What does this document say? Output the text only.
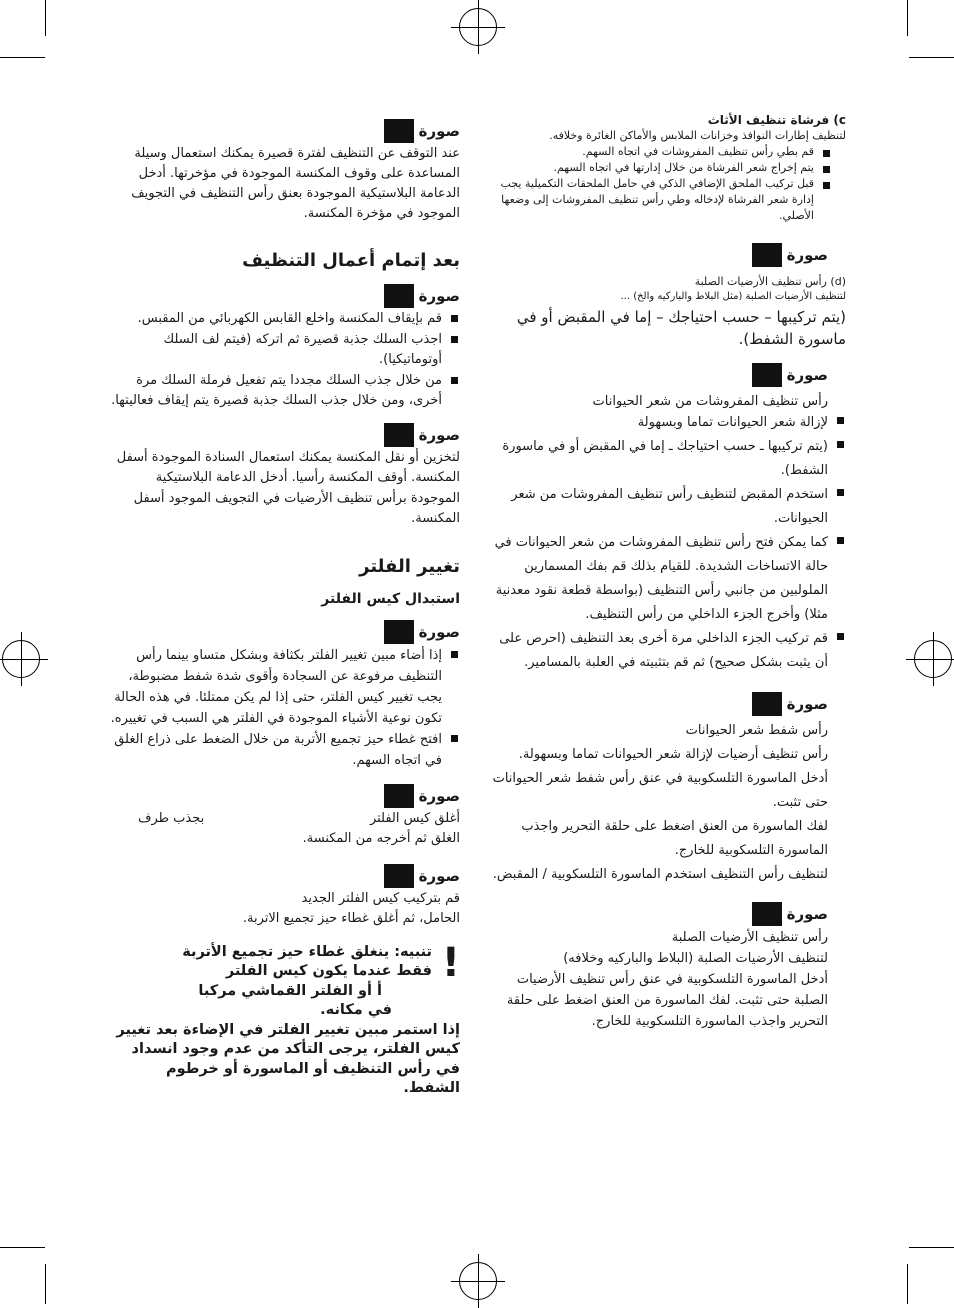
c) فرشاة تنظيف الأثاث

لتنظيف إطارات النوافذ وخزانات الملابس والأماكن الغائرة وخلافه.

قم بطي رأس تنظيف المفروشات في اتجاه السهم.
يتم إخراج شعر الفرشاة من خلال إدارتها في اتجاه السهم.
قبل تركيب الملحق الإضافي الذكي في حامل الملحقات التكميلية يجب إدارة شعر الفرشاة لإدخاله وطي رأس تنظيف المفروشات إلى وضعها الأصلي.
صورة

(d) رأس تنظيف الأرضيات الصلبة

لتنظيف الأرضيات الصلبة (مثل البلاط والباركيه والخ) ...

(يتم تركيبها – حسب احتياجك – إما في المقبض أو في ماسورة الشفط).

صورة

رأس تنظيف المفروشات من شعر الحيوانات

لإزالة شعر الحيوانات تماما وبسهولة
(يتم تركيبها ـ حسب احتياجك ـ إما في المقبض أو في ماسورة الشفط).
استخدم المقبض لتنظيف رأس تنظيف المفروشات من شعر الحيوانات.
كما يمكن فتح رأس تنظيف المفروشات من شعر الحيوانات في حالة الاتساخات الشديدة. للقيام بذلك قم بفك المسمارين الملولبين من جانبي رأس التنظيف (بواسطة قطعة نقود معدنية مثلا) وأخرج الجزء الداخلي من رأس التنظيف.
قم تركيب الجزء الداخلي مرة أخرى بعد التنظيف (احرص على أن يثبت بشكل صحيح) ثم قم بتثبيته في العلبة بالمسامير.
صورة

رأس شفط شعر الحيوانات
رأس تنظيف أرضيات لإزالة شعر الحيوانات تماما وبسهولة.
أدخل الماسورة التلسكوبية في عنق رأس شفط شعر الحيوانات حتى تثبت.
لفك الماسورة من العنق اضغط على حلقة التحرير واجذب الماسورة التلسكوبية للخارج.
لتنظيف رأس التنظيف استخدم الماسورة التلسكوبية / المقبض.

صورة

رأس تنظيف الأرضيات الصلبة
لتنظيف الأرضيات الصلبة (البلاط والباركيه وخلافه)
أدخل الماسورة التلسكوبية في عنق رأس تنظيف الأرضيات الصلبة حتى تثبت. لفك الماسورة من العنق اضغط على حلقة التحرير واجذب الماسورة التلسكوبية للخارج.

صورة

عند التوقف عن التنظيف لفترة قصيرة يمكنك استعمال وسيلة المساعدة على وقوف المكنسة الموجودة في مؤخرتها. أدخل الدعامة البلاستيكية الموجودة بعنق رأس التنظيف في التجويف الموجود في مؤخرة المكنسة.

بعد إتمام أعمال التنظيف

صورة
قم بإيقاف المكنسة واخلع القابس الكهربائي من المقبس.
اجذب السلك جذبة قصيرة ثم اتركه (فيتم لف السلك أوتوماتيكيا).
من خلال جذب السلك مجددا يتم تفعيل فرملة السلك مرة أخرى، ومن خلال جذب السلك جذبة قصيرة يتم إيقاف فعاليتها.
صورة

لتخزين أو نقل المكنسة يمكنك استعمال السنادة الموجودة أسفل المكنسة. أوقف المكنسة رأسيا. أدخل الدعامة البلاستيكية الموجودة برأس تنظيف الأرضيات في التجويف الموجود أسفل المكنسة.

تغيير الفلتر

استبدال كيس الفلتر

صورة
إذا أضاء مبين تغيير الفلتر بكثافة وبشكل متساو بينما رأس التنظيف مرفوعة عن السجادة وأقوى شدة شفط مضبوطة، يجب تغيير كيس الفلتر، حتى إذا لم يكن ممتلئا. في هذه الحالة تكون نوعية الأشياء الموجودة في الفلتر هي السبب في تغييره.
افتح غطاء حيز تجميع الأتربة من خلال الضغط على ذراع الغلق في اتجاه السهم.
صورة
أغلق كيس الفلتر
بجذب طرف

الغلق ثم أخرجه من المكنسة.

صورة

قم بتركيب كيس الفلتر الجديد
الحامل، ثم أغلق غطاء حيز تجميع الاتربة.

!

تنبيه: ينغلق غطاء حيز تجميع الأتربة

فقط عندما يكون كيس الفلتر

أ أو الفلتر القماشي مركبا

في مكانه.

إذا استمر مبين تغيير الفلتر في الإضاءة بعد تغيير كيس الفلتر، يرجى التأكد من عدم وجود انسداد في رأس التنظيف أو الماسورة أو خرطوم الشفط.
